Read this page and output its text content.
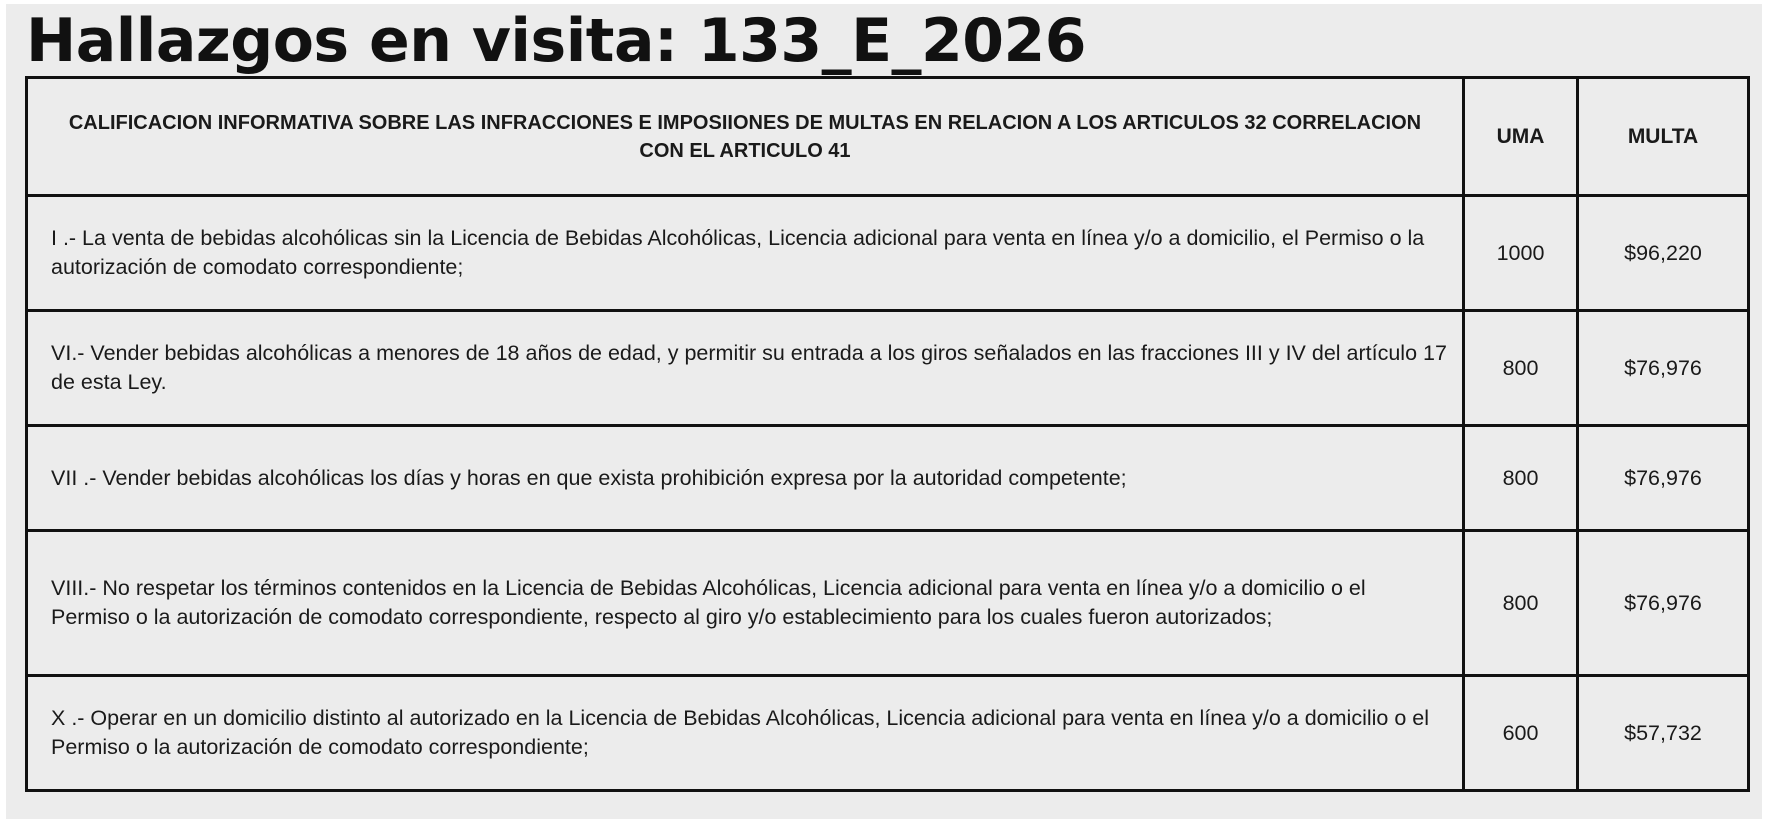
Hallazgos en visita: 133_E_2026
CALIFICACION INFORMATIVA SOBRE LAS INFRACCIONES E IMPOSIIONES DE MULTAS EN RELACION A LOS ARTICULOS 32 CORRELACION CON EL ARTICULO 41	UMA	MULTA
I .- La venta de bebidas alcohólicas sin la Licencia de Bebidas Alcohólicas, Licencia adicional para venta en línea y/o a domicilio, el Permiso o la autorización de comodato correspondiente;	1000	$96,220
VI.- Vender bebidas alcohólicas a menores de 18 años de edad, y permitir su entrada a los giros señalados en las fracciones III y IV del artículo 17 de esta Ley.	800	$76,976
VII .- Vender bebidas alcohólicas los días y horas en que exista prohibición expresa por la autoridad competente;	800	$76,976
VIII.- No respetar los términos contenidos en la Licencia de Bebidas Alcohólicas, Licencia adicional para venta en línea y/o a domicilio o el Permiso o la autorización de comodato correspondiente, respecto al giro y/o establecimiento para los cuales fueron autorizados;	800	$76,976
X .- Operar en un domicilio distinto al autorizado en la Licencia de Bebidas Alcohólicas, Licencia adicional para venta en línea y/o a domicilio o el Permiso o la autorización de comodato correspondiente;	600	$57,732
